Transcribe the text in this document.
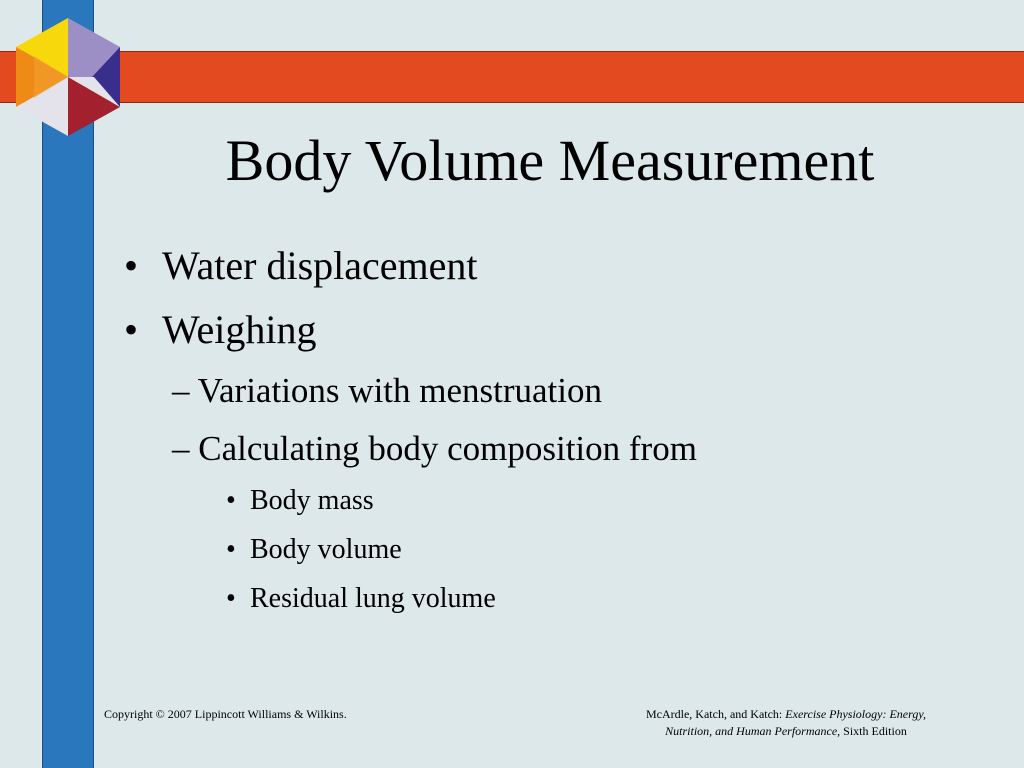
Body Volume Measurement
• Water displacement
• Weighing
– Variations with menstruation
– Calculating body composition from
• Body mass
• Body volume
• Residual lung volume
Copyright © 2007 Lippincott Williams & Wilkins.	McArdle, Katch, and Katch: Exercise Physiology: Energy,
Nutrition, and Human Performance, Sixth Edition
